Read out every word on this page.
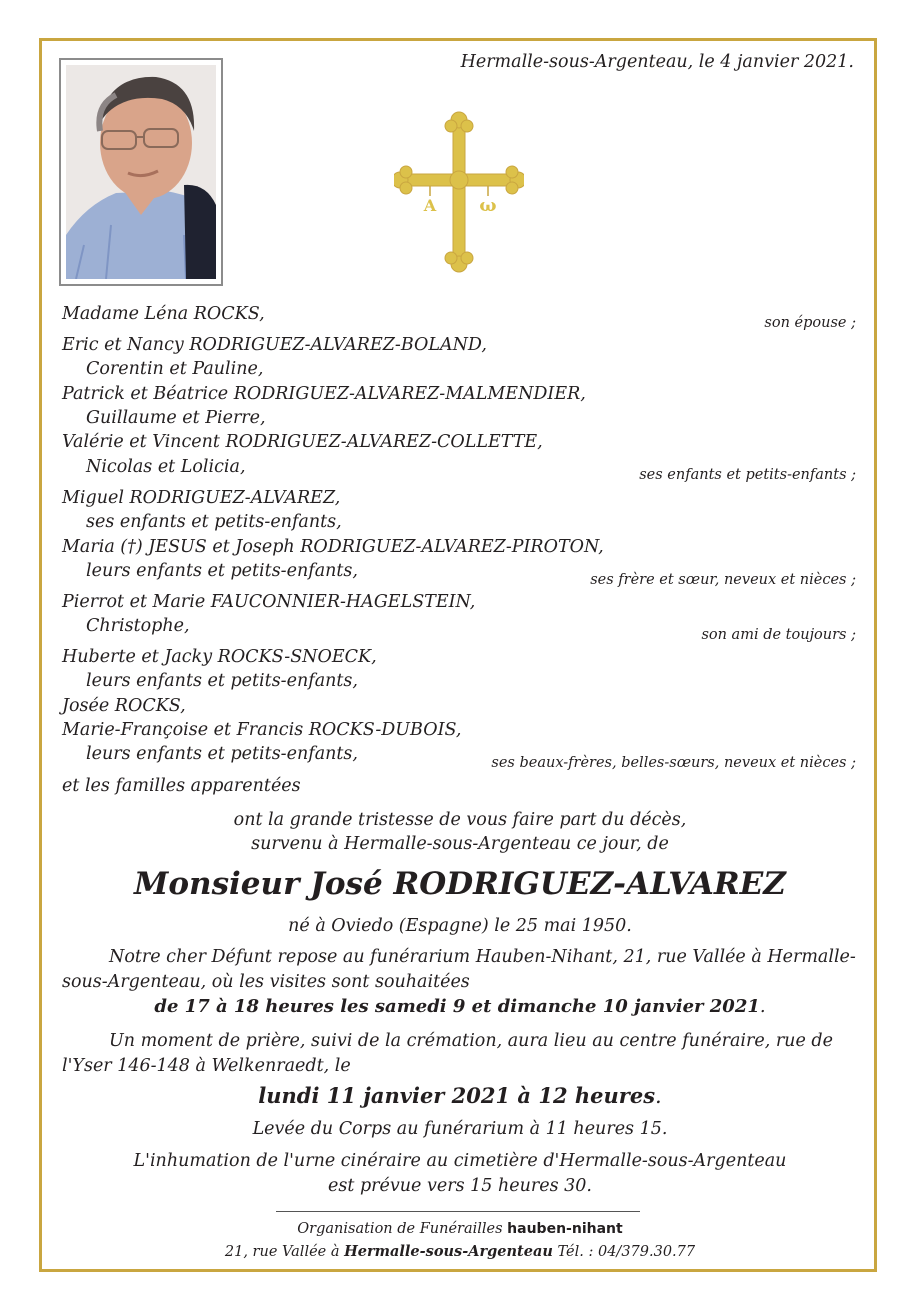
Hermalle-sous-Argenteau, le 4 janvier 2021.
A ω
Madame Léna ROCKS,
Eric et Nancy RODRIGUEZ-ALVAREZ-BOLAND,
Corentin et Pauline,
Patrick et Béatrice RODRIGUEZ-ALVAREZ-MALMENDIER,
Guillaume et Pierre,
Valérie et Vincent RODRIGUEZ-ALVAREZ-COLLETTE,
Nicolas et Lolicia,
Miguel RODRIGUEZ-ALVAREZ,
ses enfants et petits-enfants,
Maria (†) JESUS et Joseph RODRIGUEZ-ALVAREZ-PIROTON,
leurs enfants et petits-enfants,
Pierrot et Marie FAUCONNIER-HAGELSTEIN,
Christophe,
Huberte et Jacky ROCKS-SNOECK,
leurs enfants et petits-enfants,
Josée ROCKS,
Marie-Françoise et Francis ROCKS-DUBOIS,
leurs enfants et petits-enfants,
et les familles apparentées
son épouse ;
ses enfants et petits-enfants ;
ses frère et sœur, neveux et nièces ;
son ami de toujours ;
ses beaux-frères, belles-sœurs, neveux et nièces ;
ont la grande tristesse de vous faire part du décès,
survenu à Hermalle-sous-Argenteau ce jour, de
Monsieur José RODRIGUEZ-ALVAREZ
né à Oviedo (Espagne) le 25 mai 1950.
Notre cher Défunt repose au funérarium Hauben-Nihant, 21, rue Vallée à Hermalle-sous-Argenteau, où les visites sont souhaitées
de 17 à 18 heures les samedi 9 et dimanche 10 janvier 2021.
Un moment de prière, suivi de la crémation, aura lieu au centre funéraire, rue de l'Yser 146-148 à Welkenraedt, le
lundi 11 janvier 2021 à 12 heures.
Levée du Corps au funérarium à 11 heures 15.
L'inhumation de l'urne cinéraire au cimetière d'Hermalle-sous-Argenteau
est prévue vers 15 heures 30.
Organisation de Funérailles hauben-nihant
21, rue Vallée à Hermalle-sous-Argenteau Tél. : 04/379.30.77
